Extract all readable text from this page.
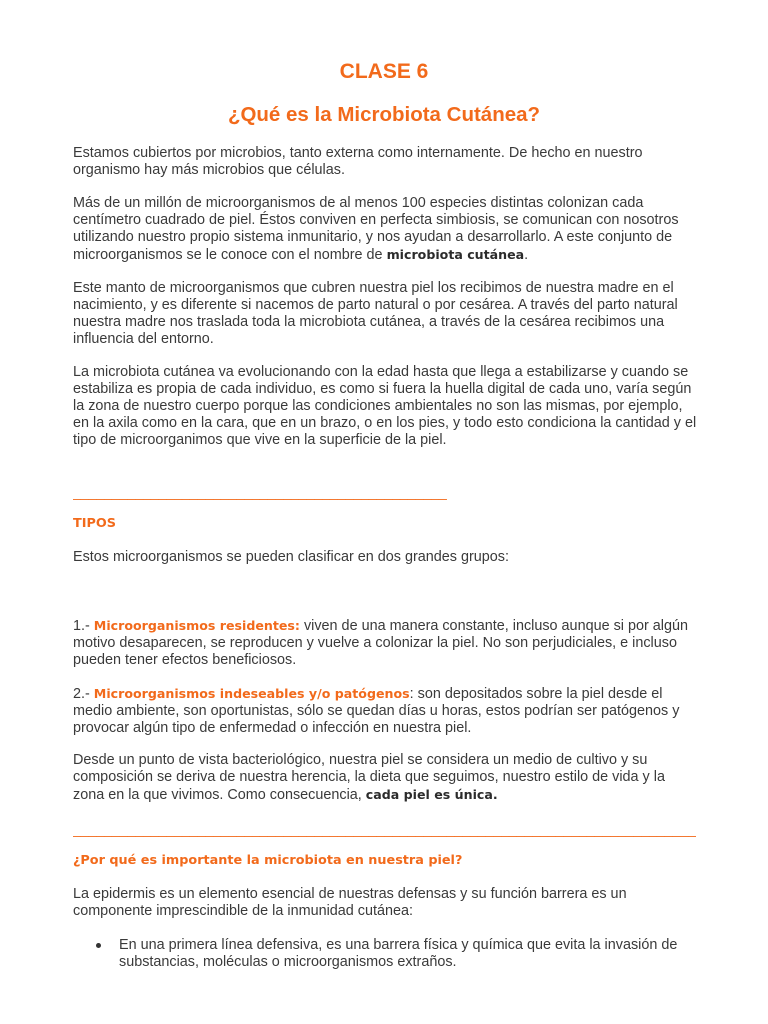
CLASE 6
¿Qué es la Microbiota Cutánea?

Estamos cubiertos por microbios, tanto externa como internamente. De hecho en nuestro organismo hay más microbios que células.

Más de un millón de microorganismos de al menos 100 especies distintas colonizan cada centímetro cuadrado de piel. Éstos conviven en perfecta simbiosis, se comunican con nosotros utilizando nuestro propio sistema inmunitario, y nos ayudan a desarrollarlo. A este conjunto de microorganismos se le conoce con el nombre de microbiota cutánea.

Este manto de microorganismos que cubren nuestra piel los recibimos de nuestra madre en el nacimiento, y es diferente si nacemos de parto natural o por cesárea. A través del parto natural nuestra madre nos traslada toda la microbiota cutánea, a través de la cesárea recibimos una influencia del entorno.

La microbiota cutánea va evolucionando con la edad hasta que llega a estabilizarse y cuando se estabiliza es propia de cada individuo, es como si fuera la huella digital de cada uno, varía según la zona de nuestro cuerpo porque las condiciones ambientales no son las mismas, por ejemplo, en la axila como en la cara, que en un brazo, o en los pies, y todo esto condiciona la cantidad y el tipo de microorganimos que vive en la superficie de la piel.

________________________________________________

TIPOS

Estos microorganismos se pueden clasificar en dos grandes grupos:

1.- Microorganismos residentes: viven de una manera constante, incluso aunque si por algún motivo desaparecen, se reproducen y vuelve a colonizar la piel. No son perjudiciales, e incluso pueden tener efectos beneficiosos.

2.- Microorganismos indeseables y/o patógenos: son depositados sobre la piel desde el medio ambiente, son oportunistas, sólo se quedan días u horas, estos podrían ser patógenos y provocar algún tipo de enfermedad o infección en nuestra piel.

Desde un punto de vista bacteriológico, nuestra piel se considera un medio de cultivo y su composición se deriva de nuestra herencia, la dieta que seguimos, nuestro estilo de vida y la zona en la que vivimos. Como consecuencia, cada piel es única.

________________________________________________________________________________

¿Por qué es importante la microbiota en nuestra piel?

La epidermis es un elemento esencial de nuestras defensas y su función barrera es un componente imprescindible de la inmunidad cutánea:

En una primera línea defensiva, es una barrera física y química que evita la invasión de substancias, moléculas o microorganismos extraños.
